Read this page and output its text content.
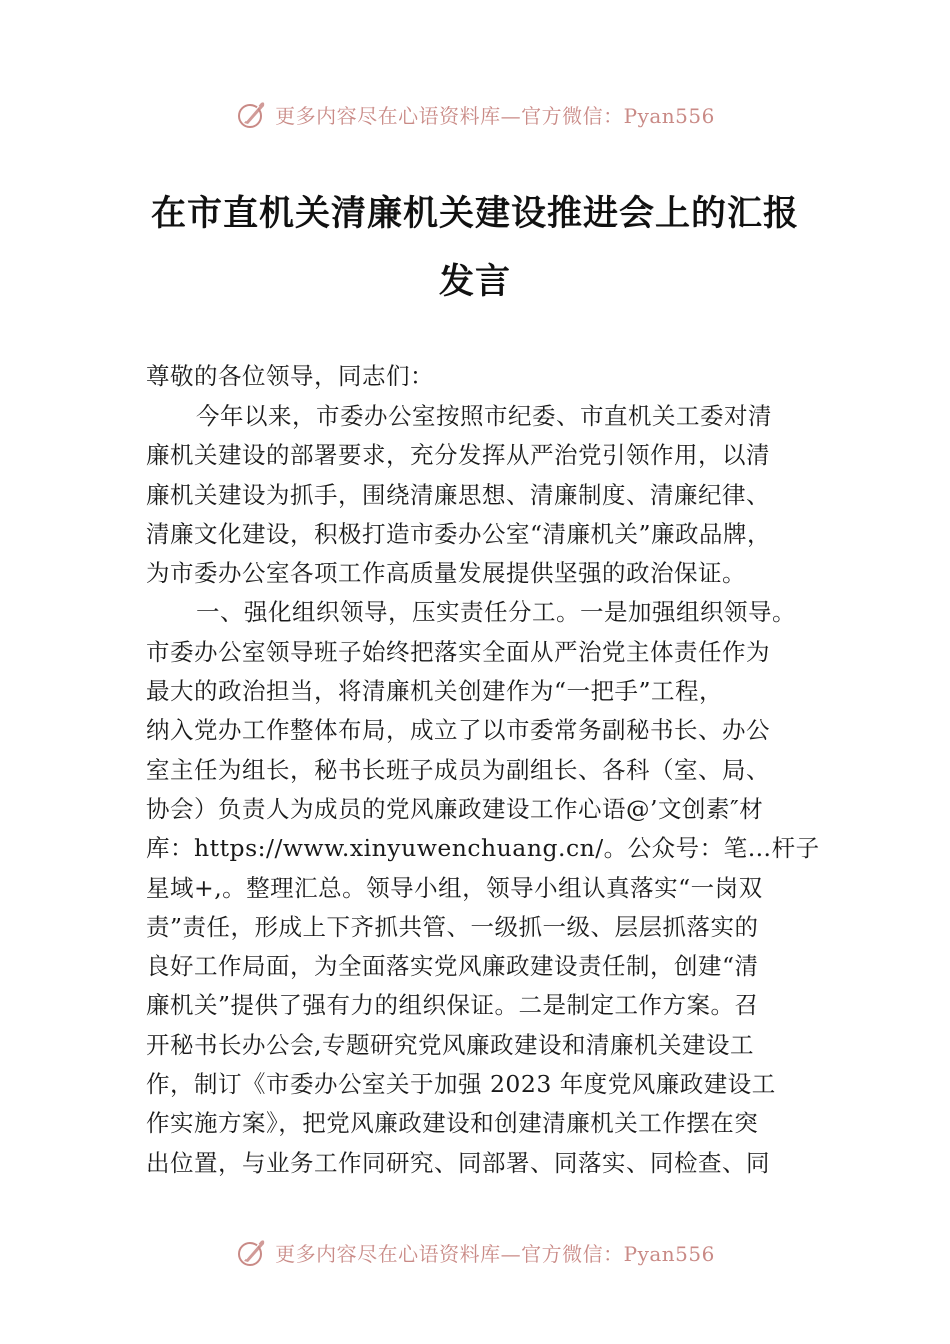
更多内容尽在心语资料库—官方微信：Pyan556
在市直机关清廉机关建设推进会上的汇报
发言
尊敬的各位领导，同志们：
今年以来，市委办公室按照市纪委、市直机关工委对清
廉机关建设的部署要求，充分发挥从严治党引领作用，以清
廉机关建设为抓手，围绕清廉思想、清廉制度、清廉纪律、
清廉文化建设，积极打造市委办公室“清廉机关”廉政品牌，
为市委办公室各项工作高质量发展提供坚强的政治保证。
一、强化组织领导，压实责任分工。一是加强组织领导。
市委办公室领导班子始终把落实全面从严治党主体责任作为
最大的政治担当，将清廉机关创建作为“一把手”工程，
纳入党办工作整体布局，成立了以市委常务副秘书长、办公
室主任为组长，秘书长班子成员为副组长、各科（室、局、
协会）负责人为成员的党风廉政建设工作心语@’文创素″材
库：https://www.xinyuwenchuang.cn/。公众号：笔…杆子
星域+,。整理汇总。领导小组，领导小组认真落实“一岗双
责”责任，形成上下齐抓共管、一级抓一级、层层抓落实的
良好工作局面，为全面落实党风廉政建设责任制，创建“清
廉机关”提供了强有力的组织保证。二是制定工作方案。召
开秘书长办公会,专题研究党风廉政建设和清廉机关建设工
作，制订《市委办公室关于加强 2023 年度党风廉政建设工
作实施方案》，把党风廉政建设和创建清廉机关工作摆在突
出位置，与业务工作同研究、同部署、同落实、同检查、同
更多内容尽在心语资料库—官方微信：Pyan556
